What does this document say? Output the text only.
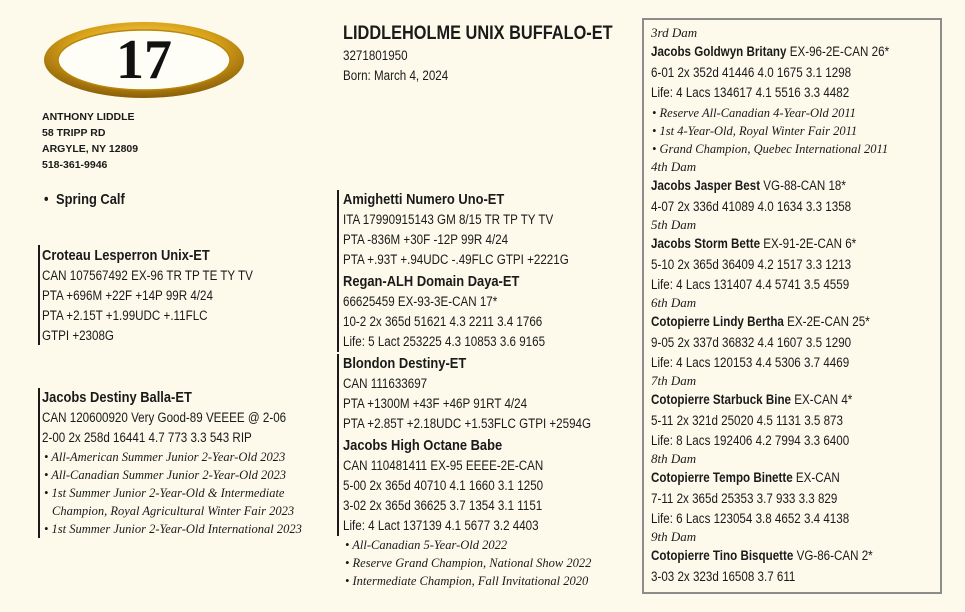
17
ANTHONY LIDDLE
58 TRIPP RD
ARGYLE, NY 12809
518-361-9946
• Spring Calf
LIDDLEHOLME UNIX BUFFALO-ET
3271801950
Born: March 4, 2024
Croteau Lesperron Unix-ET
CAN 107567492 EX-96 TR TP TE TY TV
PTA +696M +22F +14P 99R 4/24
PTA +2.15T +1.99UDC +.11FLC
GTPI +2308G
Jacobs Destiny Balla-ET
CAN 120600920 Very Good-89 VEEEE @ 2-06
2-00 2x 258d 16441 4.7 773 3.3 543 RIP
• All-American Summer Junior 2-Year-Old 2023
• All-Canadian Summer Junior 2-Year-Old 2023
• 1st Summer Junior 2-Year-Old & Intermediate
Champion, Royal Agricultural Winter Fair 2023
• 1st Summer Junior 2-Year-Old International 2023
Amighetti Numero Uno-ET
ITA 17990915143 GM 8/15 TR TP TY TV
PTA -836M +30F -12P 99R 4/24
PTA +.93T +.94UDC -.49FLC GTPI +2221G
Regan-ALH Domain Daya-ET
66625459 EX-93-3E-CAN 17*
10-2 2x 365d 51621 4.3 2211 3.4 1766
Life: 5 Lact 253225 4.3 10853 3.6 9165
Blondon Destiny-ET
CAN 111633697
PTA +1300M +43F +46P 91RT 4/24
PTA +2.85T +2.18UDC +1.53FLC GTPI +2594G
Jacobs High Octane Babe
CAN 110481411 EX-95 EEEE-2E-CAN
5-00 2x 365d 40710 4.1 1660 3.1 1250
3-02 2x 365d 36625 3.7 1354 3.1 1151
Life: 4 Lact 137139 4.1 5677 3.2 4403
• All-Canadian 5-Year-Old 2022
• Reserve Grand Champion, National Show 2022
• Intermediate Champion, Fall Invitational 2020
3rd Dam
Jacobs Goldwyn Britany EX-96-2E-CAN 26*
6-01 2x 352d 41446 4.0 1675 3.1 1298
Life: 4 Lacs 134617 4.1 5516 3.3 4482
• Reserve All-Canadian 4-Year-Old 2011
• 1st 4-Year-Old, Royal Winter Fair 2011
• Grand Champion, Quebec International 2011
4th Dam
Jacobs Jasper Best VG-88-CAN 18*
4-07 2x 336d 41089 4.0 1634 3.3 1358
5th Dam
Jacobs Storm Bette EX-91-2E-CAN 6*
5-10 2x 365d 36409 4.2 1517 3.3 1213
Life: 4 Lacs 131407 4.4 5741 3.5 4559
6th Dam
Cotopierre Lindy Bertha EX-2E-CAN 25*
9-05 2x 337d 36832 4.4 1607 3.5 1290
Life: 4 Lacs 120153 4.4 5306 3.7 4469
7th Dam
Cotopierre Starbuck Bine EX-CAN 4*
5-11 2x 321d 25020 4.5 1131 3.5 873
Life: 8 Lacs 192406 4.2 7994 3.3 6400
8th Dam
Cotopierre Tempo Binette EX-CAN
7-11 2x 365d 25353 3.7 933 3.3 829
Life: 6 Lacs 123054 3.8 4652 3.4 4138
9th Dam
Cotopierre Tino Bisquette VG-86-CAN 2*
3-03 2x 323d 16508 3.7 611
